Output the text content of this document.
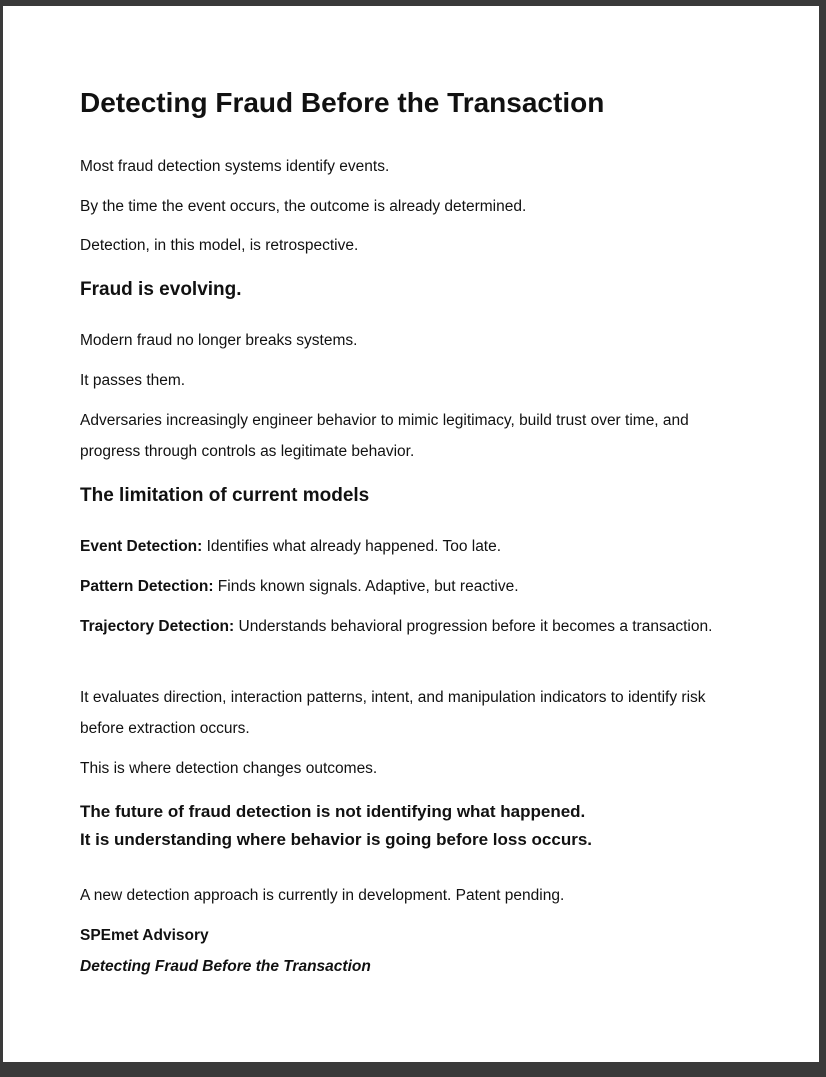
Detecting Fraud Before the Transaction

Most fraud detection systems identify events.

By the time the event occurs, the outcome is already determined.

Detection, in this model, is retrospective.

Fraud is evolving.

Modern fraud no longer breaks systems.

It passes them.

Adversaries increasingly engineer behavior to mimic legitimacy, build trust over time, and progress through controls as legitimate behavior.

The limitation of current models

Event Detection: Identifies what already happened. Too late.

Pattern Detection: Finds known signals. Adaptive, but reactive.

Trajectory Detection: Understands behavioral progression before it becomes a transaction.

It evaluates direction, interaction patterns, intent, and manipulation indicators to identify risk before extraction occurs.

This is where detection changes outcomes.

The future of fraud detection is not identifying what happened.
It is understanding where behavior is going before loss occurs.

A new detection approach is currently in development. Patent pending.

SPEmet Advisory
Detecting Fraud Before the Transaction
